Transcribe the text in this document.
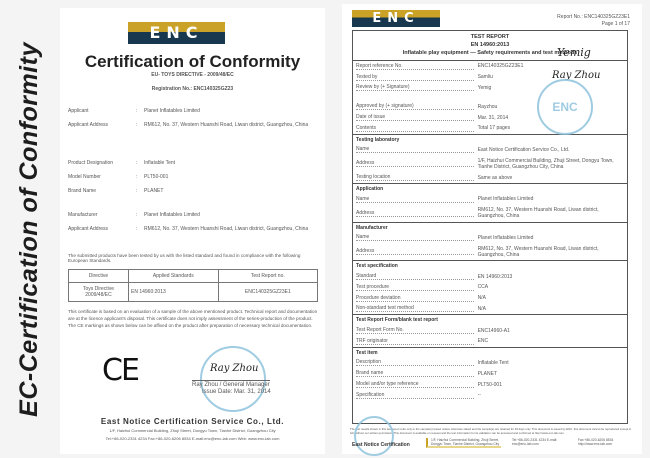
EC-Certification of Conformity
ENC
Certification of Conformity
EU- TOYS DIRECTIVE - 2009/48/EC
Registration No.: ENC140325GZ23
Applicant	:	Planet Inflatables Limited
Applicant Address	:	RM612, No. 37, Western Huanshi Road, Liwan district, Guangzhou, China
Product Designation	:	Inflatable Tent
Model Number	:	PLT50-001
Brand Name	:	PLANET
Manufacturer	:	Planet Inflatables Limited
Applicant Address	:	RM612, No. 37, Western Huanshi Road, Liwan district, Guangzhou, China
The submitted products have been tested by us with the listed standard and found in compliance with the following European Standards.
Directive	Applied Standards	Test Report no.
Toys Directive 2009/48/EC	EN 14960:2013	ENC140325GZ23E1
This certificate is based on an evaluation of a sample of the above mentioned product. Technical report and documentation are at the licence applicant's disposal. This certificate does not imply assessment of the series-production of the product. The CE markings as shown below can be affixed on the product after preparation of necessary technical documentation.
CE	Ray Zhou
Ray Zhou / General Manager
Issue Date: Mar. 31, 2014
East Notice Certification Service Co., Ltd.
1/F, Haizhui Commercial Building, Zhuji Street, Dongyu Town, Tianhe District, Guangzhou City
Tel:+86-020-2331 4234 Fax:+86-020-6206 8534 E-mail:enc@enc-lab.com Web: www.enc-lab.com
ENC	Report No.: ENC140325GZ23E1
Page 1 of 17
TEST REPORT
EN 14960:2013
Inflatable play equipment — Safety requirements and test methods
Report reference No.	ENC140325GZ23E1
Tested by	Samliu
Review by (+ Signature)	Yemig
Approved by (+ signature)	Rayzhou
Date of issue	Mar. 31, 2014
Contents	Total 17 pages
Testing laboratory
Name	East Notice Certification Service Co., Ltd.
Address	1/F, Haizhui Commercial Building, Zhuji Street, Dongyu Town, Tianhe District, Guangzhou City, China
Testing location	Same as above
Application
Name	Planet Inflatables Limited
Address	RM612, No. 37, Western Huanshi Road, Liwan district, Guangzhou, China
Manufacturer
Name	Planet Inflatables Limited
Address	RM612, No. 37, Western Huanshi Road, Liwan district, Guangzhou, China
Test specification
Standard	EN 14960:2013
Test procedure	CCA
Procedure deviation	N/A
Non-standard test method	N/A
Test Report Form/blank test report
Test Report Form No.	ENC14960-A1
TRF originator	ENC
Test item
Description	Inflatable Tent
Brand name	PLANET
Model and/or type reference	PLT50-001
Specification	--
Yemig
Ray Zhou
ENC
The test results shown in this test report refer only to the sample(s) tested unless otherwise stated and the sample(s) are retained for 30 days only. This document is issued by ENC; this document cannot be reproduced except in full, without our written permission. This document is available on request and the test information for its validation can be accessed and confirmed at http://www.enc-lab.com.
East Notice Certification
1/F, Haizhui Commercial Building, Zhuji Street, Dongyu Town, Tianhe District, Guangzhou City
Tel:+86-020-2331 4234 E-mail: enc@enc-lab.com
Fax:+86-020-6206 8534 http://www.enc-lab.com
